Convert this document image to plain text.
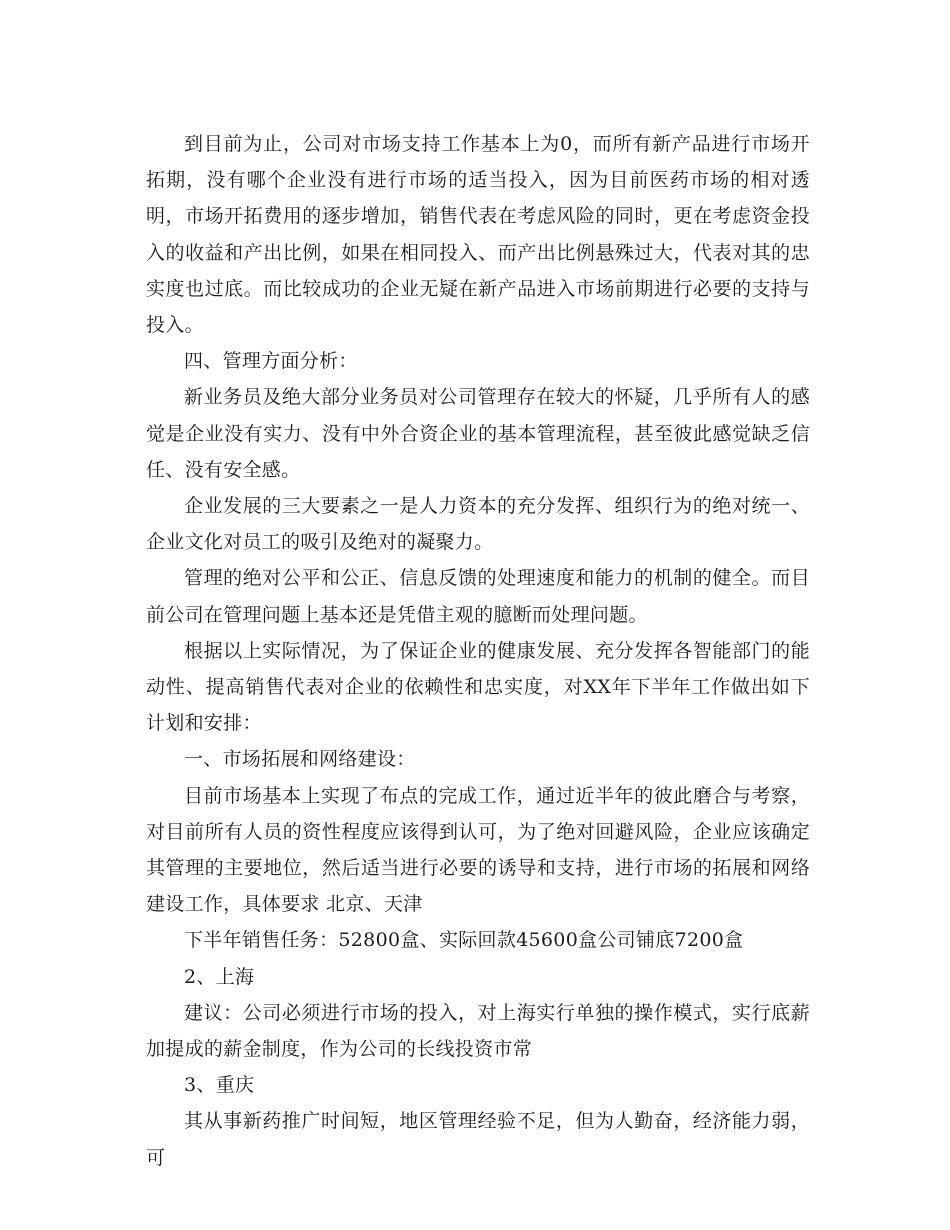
到目前为止，公司对市场支持工作基本上为0，而所有新产品进行市场开拓期，没有哪个企业没有进行市场的适当投入，因为目前医药市场的相对透明，市场开拓费用的逐步增加，销售代表在考虑风险的同时，更在考虑资金投入的收益和产出比例，如果在相同投入、而产出比例悬殊过大，代表对其的忠实度也过底。而比较成功的企业无疑在新产品进入市场前期进行必要的支持与投入。

四、管理方面分析：

新业务员及绝大部分业务员对公司管理存在较大的怀疑，几乎所有人的感觉是企业没有实力、没有中外合资企业的基本管理流程，甚至彼此感觉缺乏信任、没有安全感。

企业发展的三大要素之一是人力资本的充分发挥、组织行为的绝对统一、企业文化对员工的吸引及绝对的凝聚力。

管理的绝对公平和公正、信息反馈的处理速度和能力的机制的健全。而目前公司在管理问题上基本还是凭借主观的臆断而处理问题。

根据以上实际情况，为了保证企业的健康发展、充分发挥各智能部门的能动性、提高销售代表对企业的依赖性和忠实度，对XX年下半年工作做出如下计划和安排：

一、市场拓展和网络建设：

目前市场基本上实现了布点的完成工作，通过近半年的彼此磨合与考察，对目前所有人员的资性程度应该得到认可，为了绝对回避风险，企业应该确定其管理的主要地位，然后适当进行必要的诱导和支持，进行市场的拓展和网络建设工作，具体要求 北京、天津

下半年销售任务：52800盒、实际回款45600盒公司铺底7200盒

2、上海

建议：公司必须进行市场的投入，对上海实行单独的操作模式，实行底薪加提成的薪金制度，作为公司的长线投资市常

3、重庆

其从事新药推广时间短，地区管理经验不足，但为人勤奋，经济能力弱，可
